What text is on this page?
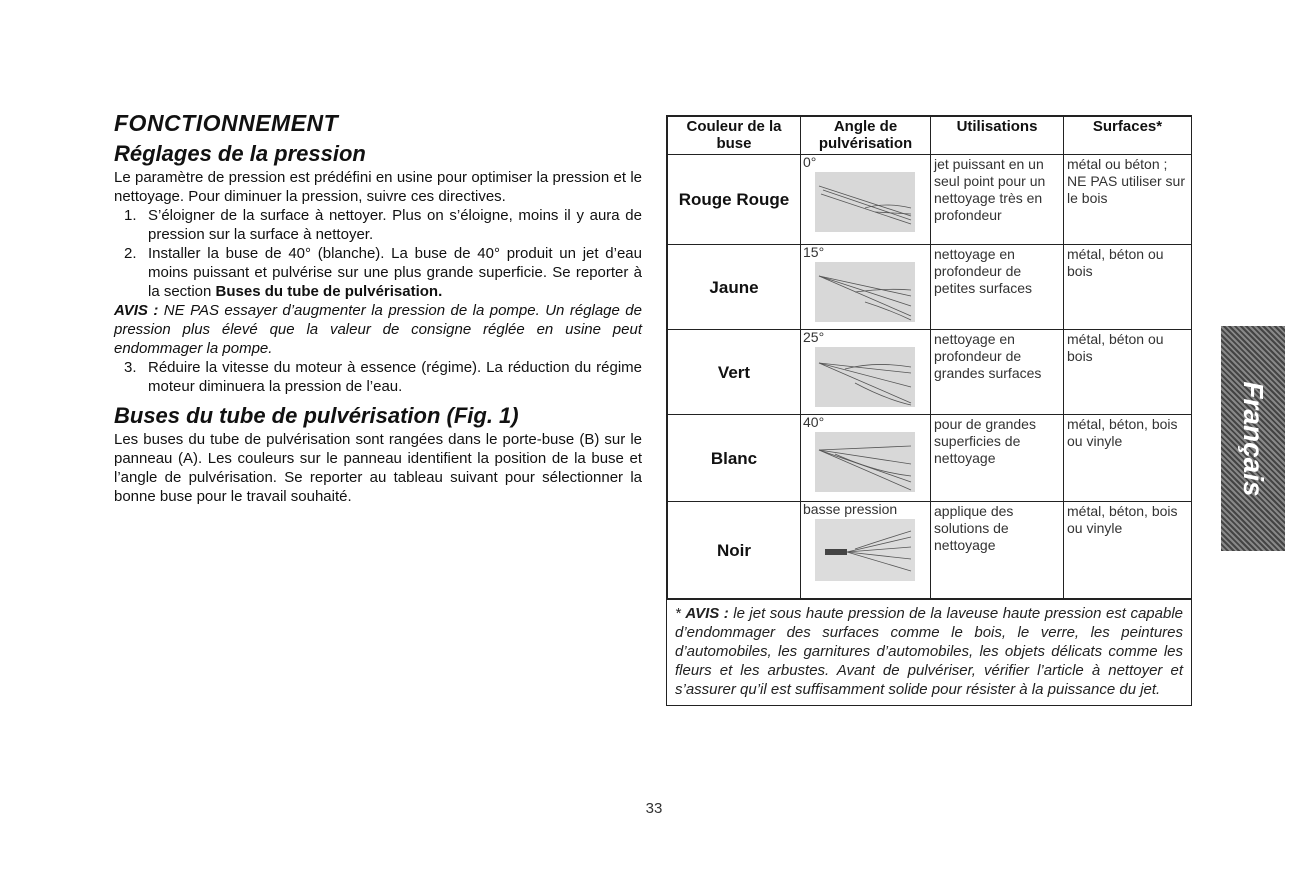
FONCTIONNEMENT
Réglages de la pression

Le paramètre de pression est prédéfini en usine pour optimiser la pression et le nettoyage. Pour diminuer la pression, suivre ces directives.

1. S’éloigner de la surface à nettoyer. Plus on s’éloigne, moins il y aura de pression sur la surface à nettoyer.
2. Installer la buse de 40° (blanche). La buse de 40° produit un jet d’eau moins puissant et pulvérise sur une plus grande superficie. Se reporter à la section Buses du tube de pulvérisation.

AVIS : NE PAS essayer d’augmenter la pression de la pompe. Un réglage de pression plus élevé que la valeur de consigne réglée en usine peut endommager la pompe.

3. Réduire la vitesse du moteur à essence (régime). La réduction du régime moteur diminuera la pression de l’eau.
Buses du tube de pulvérisation (Fig. 1)

Les buses du tube de pulvérisation sont rangées dans le porte-buse (B) sur le panneau (A). Les couleurs sur le panneau identifient la position de la buse et l’angle de pulvérisation. Se reporter au tableau suivant pour sélectionner la bonne buse pour le travail souhaité.

Couleur de la buse	Angle de pulvérisation	Utilisations	Surfaces*
Rouge Rouge	0°	jet puissant en un seul point pour un nettoyage très en profondeur	métal ou béton ; NE PAS utiliser sur le bois
Jaune	15°	nettoyage en profondeur de petites surfaces	métal, béton ou bois
Vert	25°	nettoyage en profondeur de grandes surfaces	métal, béton ou bois
Blanc	40°	pour de grandes superficies de nettoyage	métal, béton, bois ou vinyle
Noir	basse pression	applique des solutions de nettoyage	métal, béton, bois ou vinyle
* AVIS : le jet sous haute pression de la laveuse haute pression est capable d’endommager des surfaces comme le bois, le verre, les peintures d’automobiles, les garnitures d’automobiles, les objets délicats comme les fleurs et les arbustes. Avant de pulvériser, vérifier l’article à nettoyer et s’assurer qu’il est suffisamment solide pour résister à la puissance du jet.
Français
33
